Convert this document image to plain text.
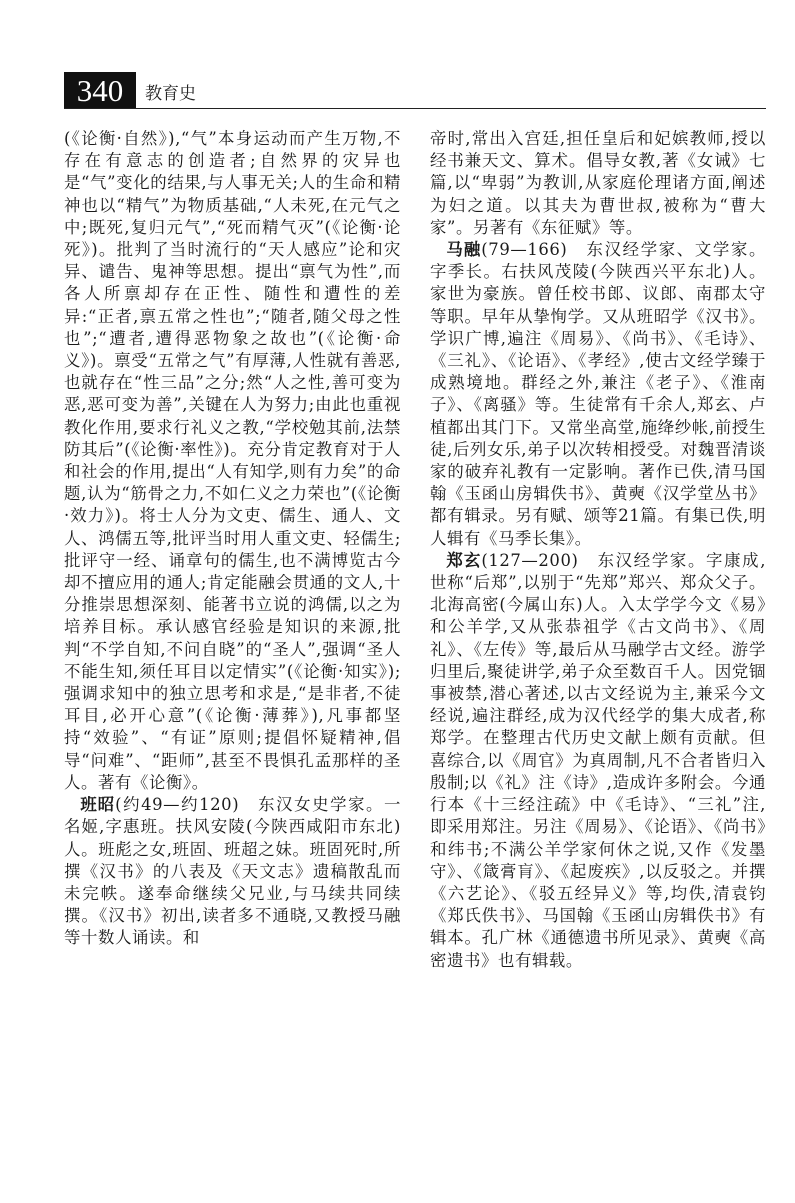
340	教育史

(《论衡·自然》),“气”本身运动而产生万物,不存在有意志的创造者;自然界的灾异也是“气”变化的结果,与人事无关;人的生命和精神也以“精气”为物质基础,“人未死,在元气之中;既死,复归元气”,“死而精气灭”(《论衡·论死》)。批判了当时流行的“天人感应”论和灾异、谴告、鬼神等思想。提出“禀气为性”,而各人所禀却存在正性、随性和遭性的差异:“正者,禀五常之性也”;“随者,随父母之性也”;“遭者,遭得恶物象之故也”(《论衡·命义》)。禀受“五常之气”有厚薄,人性就有善恶,也就存在“性三品”之分;然“人之性,善可变为恶,恶可变为善”,关键在人为努力;由此也重视教化作用,要求行礼义之教,“学校勉其前,法禁防其后”(《论衡·率性》)。充分肯定教育对于人和社会的作用,提出“人有知学,则有力矣”的命题,认为“筋骨之力,不如仁义之力荣也”(《论衡·效力》)。将士人分为文吏、儒生、通人、文人、鸿儒五等,批评当时用人重文吏、轻儒生;批评守一经、诵章句的儒生,也不满博览古今却不擅应用的通人;肯定能融会贯通的文人,十分推崇思想深刻、能著书立说的鸿儒,以之为培养目标。承认感官经验是知识的来源,批判“不学自知,不问自晓”的“圣人”,强调“圣人不能生知,须任耳目以定情实”(《论衡·知实》);强调求知中的独立思考和求是,“是非者,不徒耳目,必开心意”(《论衡·薄葬》),凡事都坚持“效验”、“有证”原则;提倡怀疑精神,倡导“问难”、“距师”,甚至不畏惧孔孟那样的圣人。著有《论衡》。

班昭(约49—约120)　东汉女史学家。一名姬,字惠班。扶风安陵(今陕西咸阳市东北)人。班彪之女,班固、班超之妹。班固死时,所撰《汉书》的八表及《天文志》遗稿散乱而未完帙。遂奉命继续父兄业,与马续共同续撰。《汉书》初出,读者多不通晓,又教授马融等十数人诵读。和

帝时,常出入宫廷,担任皇后和妃嫔教师,授以经书兼天文、算术。倡导女教,著《女诫》七篇,以“卑弱”为教训,从家庭伦理诸方面,阐述为妇之道。以其夫为曹世叔,被称为“曹大家”。另著有《东征赋》等。

马融(79—166)　东汉经学家、文学家。字季长。右扶风茂陵(今陕西兴平东北)人。家世为豪族。曾任校书郎、议郎、南郡太守等职。早年从挚恂学。又从班昭学《汉书》。学识广博,遍注《周易》、《尚书》、《毛诗》、《三礼》、《论语》、《孝经》,使古文经学臻于成熟境地。群经之外,兼注《老子》、《淮南子》、《离骚》等。生徒常有千余人,郑玄、卢植都出其门下。又常坐高堂,施绛纱帐,前授生徒,后列女乐,弟子以次转相授受。对魏晋清谈家的破弃礼教有一定影响。著作已佚,清马国翰《玉函山房辑佚书》、黄奭《汉学堂丛书》都有辑录。另有赋、颂等21篇。有集已佚,明人辑有《马季长集》。

郑玄(127—200)　东汉经学家。字康成,世称“后郑”,以别于“先郑”郑兴、郑众父子。北海高密(今属山东)人。入太学学今文《易》和公羊学,又从张恭祖学《古文尚书》、《周礼》、《左传》等,最后从马融学古文经。游学归里后,聚徒讲学,弟子众至数百千人。因党锢事被禁,潜心著述,以古文经说为主,兼采今文经说,遍注群经,成为汉代经学的集大成者,称郑学。在整理古代历史文献上颇有贡献。但喜综合,以《周官》为真周制,凡不合者皆归入殷制;以《礼》注《诗》,造成许多附会。今通行本《十三经注疏》中《毛诗》、“三礼”注,即采用郑注。另注《周易》、《论语》、《尚书》和纬书;不满公羊学家何休之说,又作《发墨守》、《箴膏肓》、《起废疾》,以反驳之。并撰《六艺论》、《驳五经异义》等,均佚,清袁钧《郑氏佚书》、马国翰《玉函山房辑佚书》有辑本。孔广林《通德遗书所见录》、黄奭《高密遗书》也有辑载。
